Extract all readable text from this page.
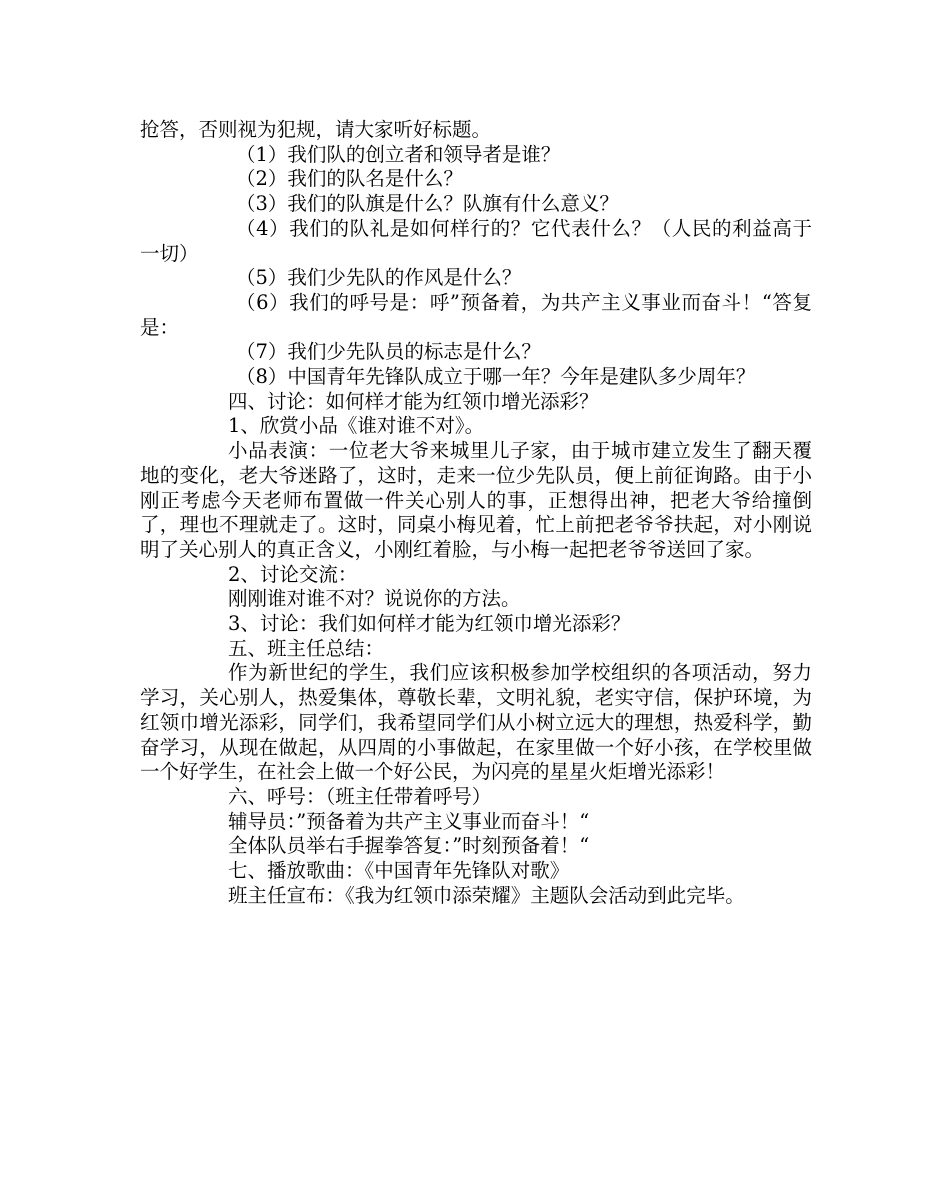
抢答，否则视为犯规，请大家听好标题。

（1）我们队的创立者和领导者是谁？

（2）我们的队名是什么？

（3）我们的队旗是什么？队旗有什么意义？

（4）我们的队礼是如何样行的？它代表什么？（人民的利益高于一切）

（5）我们少先队的作风是什么？

（6）我们的呼号是：呼”预备着，为共产主义事业而奋斗！“答复是：

（7）我们少先队员的标志是什么？

（8）中国青年先锋队成立于哪一年？今年是建队多少周年？

四、讨论：如何样才能为红领巾增光添彩？

1、欣赏小品《谁对谁不对》。

小品表演：一位老大爷来城里儿子家，由于城市建立发生了翻天覆地的变化，老大爷迷路了，这时，走来一位少先队员，便上前征询路。由于小刚正考虑今天老师布置做一件关心别人的事，正想得出神，把老大爷给撞倒了，理也不理就走了。这时，同桌小梅见着，忙上前把老爷爷扶起，对小刚说明了关心别人的真正含义，小刚红着脸，与小梅一起把老爷爷送回了家。

2、讨论交流：

刚刚谁对谁不对？说说你的方法。

3、讨论：我们如何样才能为红领巾增光添彩？

五、班主任总结：

作为新世纪的学生，我们应该积极参加学校组织的各项活动，努力学习，关心别人，热爱集体，尊敬长辈，文明礼貌，老实守信，保护环境，为红领巾增光添彩，同学们，我希望同学们从小树立远大的理想，热爱科学，勤奋学习，从现在做起，从四周的小事做起，在家里做一个好小孩，在学校里做一个好学生，在社会上做一个好公民，为闪亮的星星火炬增光添彩！

六、呼号：（班主任带着呼号）

辅导员：”预备着为共产主义事业而奋斗！“

全体队员举右手握拳答复：”时刻预备着！“

七、播放歌曲：《中国青年先锋队对歌》

班主任宣布：《我为红领巾添荣耀》主题队会活动到此完毕。
